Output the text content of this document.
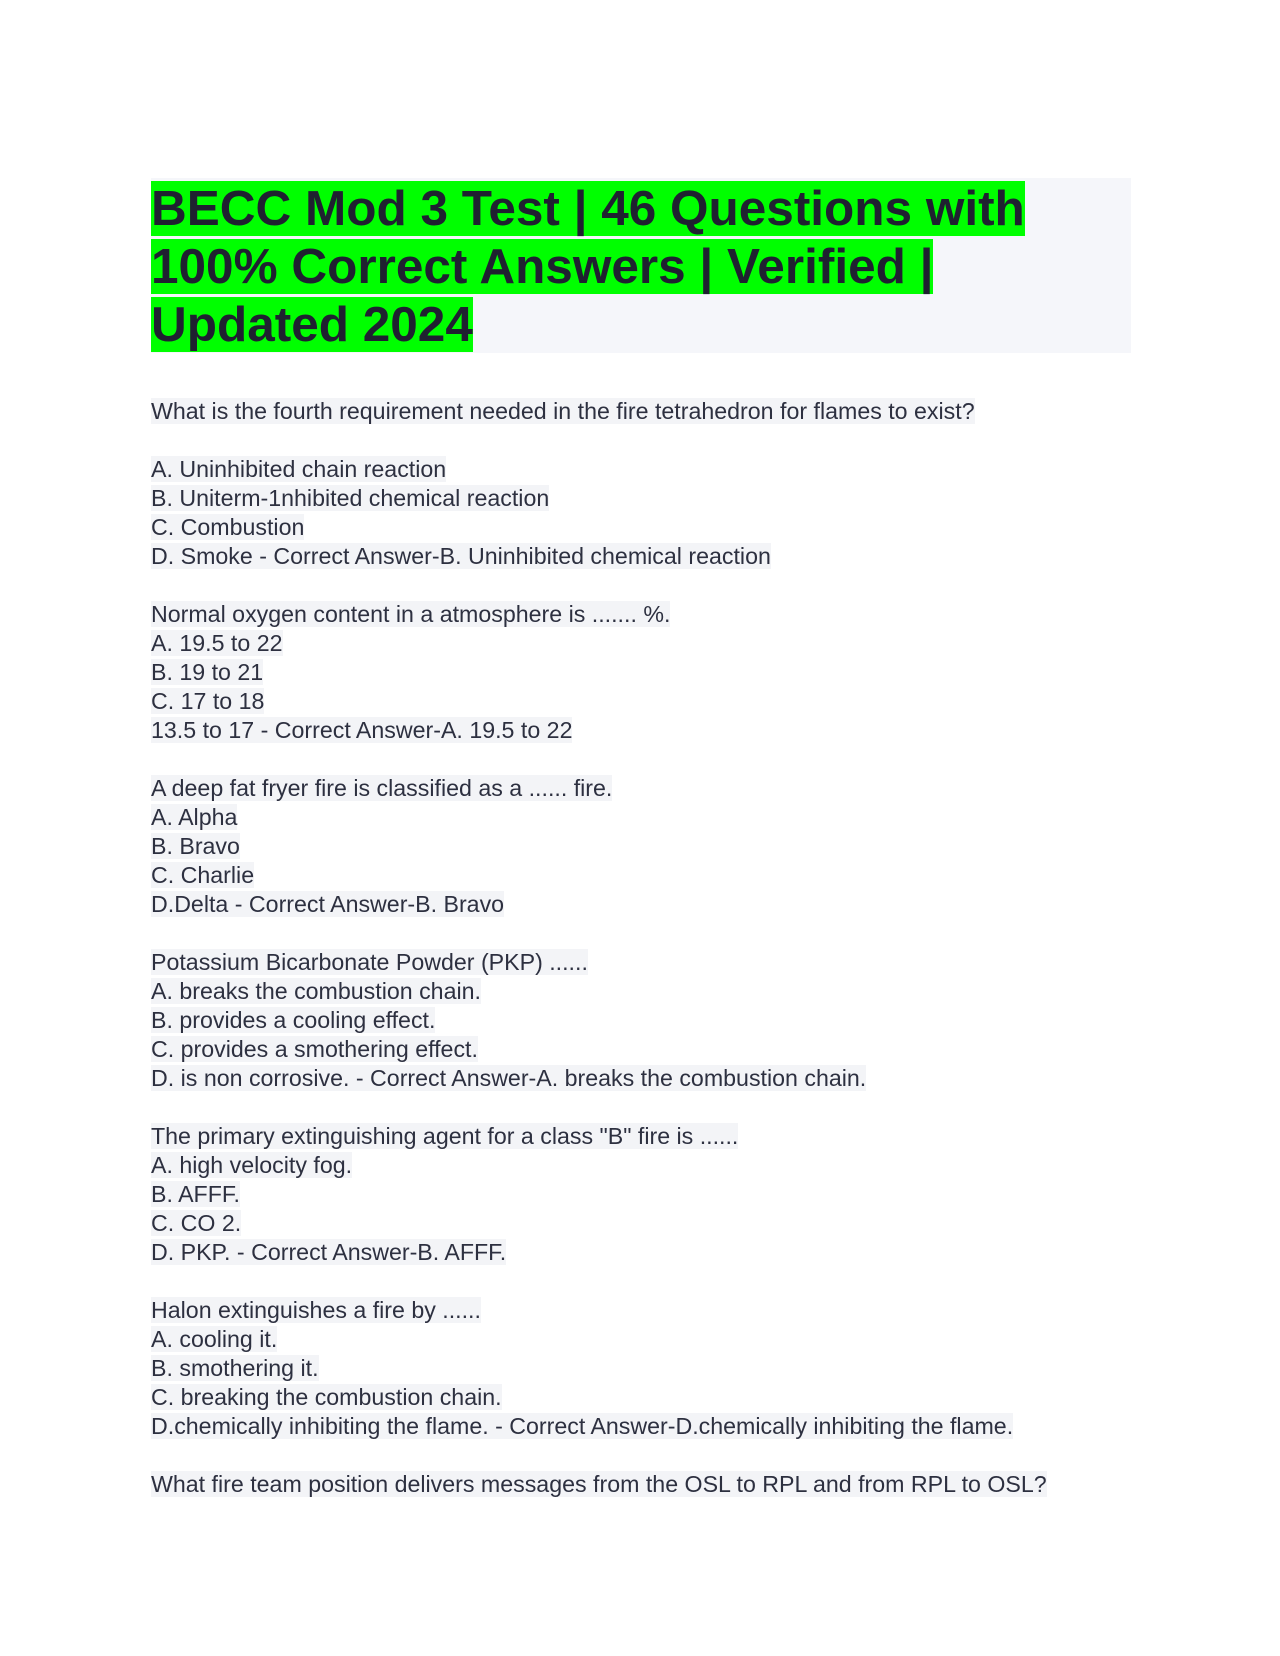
BECC Mod 3 Test | 46 Questions with 100% Correct Answers | Verified | Updated 2024
What is the fourth requirement needed in the fire tetrahedron for flames to exist?
A. Uninhibited chain reaction
B. Uniterm-1nhibited chemical reaction
C. Combustion
D. Smoke - Correct Answer-B. Uninhibited chemical reaction
Normal oxygen content in a atmosphere is ....... %.
A. 19.5 to 22
B. 19 to 21
C. 17 to 18
13.5 to 17 - Correct Answer-A. 19.5 to 22
A deep fat fryer fire is classified as a ...... fire.
A. Alpha
B. Bravo
C. Charlie
D.Delta - Correct Answer-B. Bravo
Potassium Bicarbonate Powder (PKP) ......
A. breaks the combustion chain.
B. provides a cooling effect.
C. provides a smothering effect.
D. is non corrosive. - Correct Answer-A. breaks the combustion chain.
The primary extinguishing agent for a class "B" fire is ......
A. high velocity fog.
B. AFFF.
C. CO 2.
D. PKP. - Correct Answer-B. AFFF.
Halon extinguishes a fire by ......
A. cooling it.
B. smothering it.
C. breaking the combustion chain.
D.chemically inhibiting the flame. - Correct Answer-D.chemically inhibiting the flame.
What fire team position delivers messages from the OSL to RPL and from RPL to OSL?
